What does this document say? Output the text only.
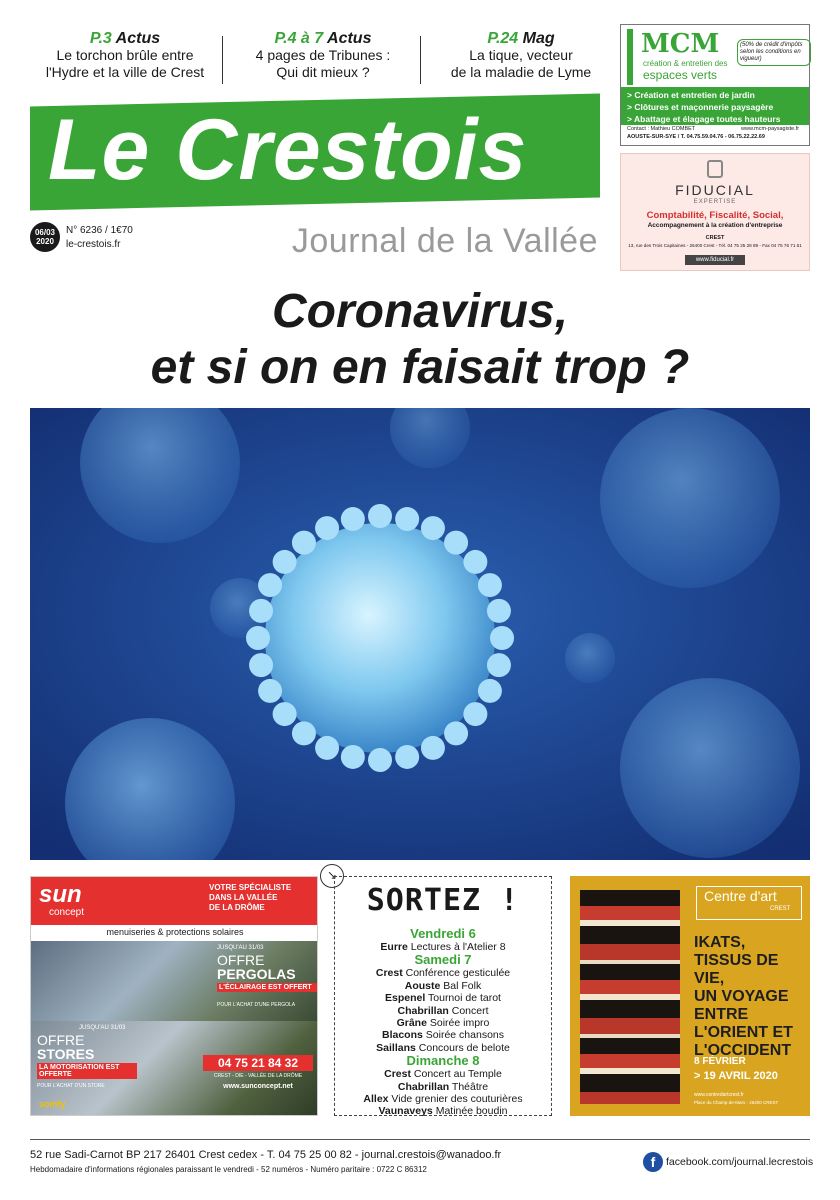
P.3 Actus
Le torchon brûle entre
l'Hydre et la ville de Crest
P.4 à 7 Actus
4 pages de Tribunes :
Qui dit mieux ?
P.24 Mag
La tique, vecteur
de la maladie de Lyme
Le Crestois
06/03
2020
N° 6236 / 1€70
le-crestois.fr	Journal de la Vallée
MCM
création & entretien des
espaces verts
(50% de crédit d'impôts selon les conditions en vigueur)
> Création et entretien de jardin
> Clôtures et maçonnerie paysagère
> Abattage et élagage toutes hauteurs
Contact : Mathieu COMBET	www.mcm-paysagiste.fr
AOUSTE-SUR-SYE / T. 04.75.59.04.76 - 06.75.22.22.69
FIDUCIAL
EXPERTISE
Comptabilité, Fiscalité, Social,
Accompagnement à la création d'entreprise
CREST
13, rue des Trois Capitaines - 26400 Crest - Tél. 04 75 25 28 89 - Fax 04 75 76 71 61
www.fiducial.fr
Coronavirus,
et si on en faisait trop ?
sun
concept
VOTRE SPÉCIALISTE
DANS LA VALLÉE
DE LA DRÔME
menuiseries & protections solaires
JUSQU'AU 31/03
OFFRE
PERGOLAS
L'ÉCLAIRAGE EST OFFERT
POUR L'ACHAT D'UNE PERGOLA
JUSQU'AU 31/03
OFFRE
STORES
LA MOTORISATION EST OFFERTE
POUR L'ACHAT D'UN STORE
somfy
04 75 21 84 32
CREST - DIE - VALLÉE DE LA DRÔME
www.sunconcept.net
↘
SORTEZ !
Vendredi 6
Eurre Lectures à l'Atelier 8
Samedi 7
Crest Conférence gesticulée
Aouste Bal Folk
Espenel Tournoi de tarot
Chabrillan Concert
Grâne Soirée impro
Blacons Soirée chansons
Saillans Concours de belote
Dimanche 8
Crest Concert au Temple
Chabrillan Théâtre
Allex Vide grenier des couturières
Vaunaveys Matinée boudin
Centre d'art
CREST
IKATS,
TISSUS DE VIE,
UN VOYAGE
ENTRE
L'ORIENT ET
L'OCCIDENT
8 FÉVRIER
> 19 AVRIL 2020
www.centredartcrest.fr
Place du Champ-de-Mars - 26400 CREST
52 rue Sadi-Carnot BP 217 26401 Crest cedex - T. 04 75 25 00 82 - journal.crestois@wanadoo.fr
Hebdomadaire d'informations régionales paraissant le vendredi - 52 numéros - Numéro paritaire : 0722 C 86312	f	facebook.com/journal.lecrestois
